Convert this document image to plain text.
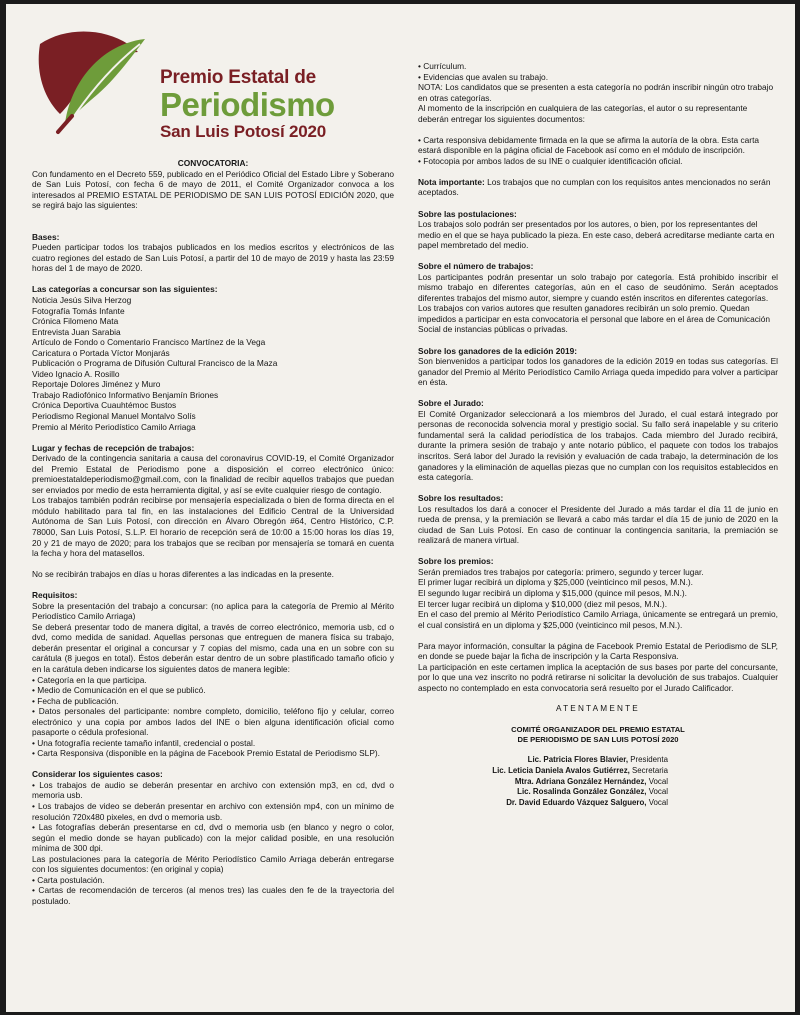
Premio Estatal de
Periodismo
San Luis Potosí 2020

CONVOCATORIA:

Con fundamento en el Decreto 559, publicado en el Periódico Oficial del Estado Libre y Soberano de San Luis Potosí, con fecha 6 de mayo de 2011, el Comité Organizador convoca a los interesados al PREMIO ESTATAL DE PERIODISMO DE SAN LUIS POTOSÍ EDICIÓN 2020, que se regirá bajo las siguientes:

Bases:

Pueden participar todos los trabajos publicados en los medios escritos y electrónicos de las cuatro regiones del estado de San Luis Potosí, a partir del 10 de mayo de 2019 y hasta las 23:59 horas del 1 de mayo de 2020.

Las categorías a concursar son las siguientes:

Noticia Jesús Silva Herzog

Fotografía Tomás Infante

Crónica Filomeno Mata

Entrevista Juan Sarabia

Artículo de Fondo o Comentario Francisco Martínez de la Vega

Caricatura o Portada Víctor Monjarás

Publicación o Programa de Difusión Cultural Francisco de la Maza

Video Ignacio A. Rosillo

Reportaje Dolores Jiménez y Muro

Trabajo Radiofónico Informativo Benjamín Briones

Crónica Deportiva Cuauhtémoc Bustos

Periodismo Regional Manuel Montalvo Solís

Premio al Mérito Periodístico Camilo Arriaga

Lugar y fechas de recepción de trabajos:

Derivado de la contingencia sanitaria a causa del coronavirus COVID-19, el Comité Organizador del Premio Estatal de Periodismo pone a disposición el correo electrónico único: premioestataldeperiodismo@gmail.com, con la finalidad de recibir aquellos trabajos que puedan ser enviados por medio de esta herramienta digital, y así se evite cualquier riesgo de contagio.

Los trabajos también podrán recibirse por mensajería especializada o bien de forma directa en el módulo habilitado para tal fin, en las instalaciones del Edificio Central de la Universidad Autónoma de San Luis Potosí, con dirección en Álvaro Obregón #64, Centro Histórico, C.P. 78000, San Luis Potosí, S.L.P. El horario de recepción será de 10:00 a 15:00 horas los días 19, 20 y 21 de mayo de 2020; para los trabajos que se reciban por mensajería se tomará en cuenta la fecha y hora del matasellos.

No se recibirán trabajos en días u horas diferentes a las indicadas en la presente.

Requisitos:

Sobre la presentación del trabajo a concursar: (no aplica para la categoría de Premio al Mérito Periodístico Camilo Arriaga)

Se deberá presentar todo de manera digital, a través de correo electrónico, memoria usb, cd o dvd, como medida de sanidad. Aquellas personas que entreguen de manera física su trabajo, deberán presentar el original a concursar y 7 copias del mismo, cada una en un sobre con su carátula (8 juegos en total). Éstos deberán estar dentro de un sobre plastificado tamaño oficio y en la carátula deben indicarse los siguientes datos de manera legible:

• Categoría en la que participa.

• Medio de Comunicación en el que se publicó.

• Fecha de publicación.

• Datos personales del participante: nombre completo, domicilio, teléfono fijo y celular, correo electrónico y una copia por ambos lados del INE o bien alguna identificación oficial como pasaporte o cédula profesional.

• Una fotografía reciente tamaño infantil, credencial o postal.

• Carta Responsiva (disponible en la página de Facebook Premio Estatal de Periodismo SLP).

Considerar los siguientes casos:

• Los trabajos de audio se deberán presentar en archivo con extensión mp3, en cd, dvd o memoria usb.

• Los trabajos de video se deberán presentar en archivo con extensión mp4, con un mínimo de resolución 720x480 pixeles, en dvd o memoria usb.

• Las fotografías deberán presentarse en cd, dvd o memoria usb (en blanco y negro o color, según el medio donde se hayan publicado) con la mejor calidad posible, en una resolución mínima de 300 dpi.

Las postulaciones para la categoría de Mérito Periodístico Camilo Arriaga deberán entregarse con los siguientes documentos: (en original y copia)

• Carta postulación.

• Cartas de recomendación de terceros (al menos tres) las cuales den fe de la trayectoria del postulado.

• Currículum.

• Evidencias que avalen su trabajo.

NOTA: Los candidatos que se presenten a esta categoría no podrán inscribir ningún otro trabajo en otras categorías.

Al momento de la inscripción en cualquiera de las categorías, el autor o su representante deberán entregar los siguientes documentos:

• Carta responsiva debidamente firmada en la que se afirma la autoría de la obra. Esta carta estará disponible en la página oficial de Facebook así como en el módulo de inscripción.

• Fotocopia por ambos lados de su INE o cualquier identificación oficial.

Nota importante: Los trabajos que no cumplan con los requisitos antes mencionados no serán aceptados.

Sobre las postulaciones:

Los trabajos solo podrán ser presentados por los autores, o bien, por los representantes del medio en el que se haya publicado la pieza. En este caso, deberá acreditarse mediante carta en papel membretado del medio.

Sobre el número de trabajos:

Los participantes podrán presentar un solo trabajo por categoría. Está prohibido inscribir el mismo trabajo en diferentes categorías, aún en el caso de seudónimo. Serán aceptados diferentes trabajos del mismo autor, siempre y cuando estén inscritos en diferentes categorías.

Los trabajos con varios autores que resulten ganadores recibirán un solo premio. Quedan impedidos a participar en esta convocatoria el personal que labore en el área de Comunicación Social de instancias públicas o privadas.

Sobre los ganadores de la edición 2019:

Son bienvenidos a participar todos los ganadores de la edición 2019 en todas sus categorías. El ganador del Premio al Mérito Periodístico Camilo Arriaga queda impedido para volver a participar en ésta.

Sobre el Jurado:

El Comité Organizador seleccionará a los miembros del Jurado, el cual estará integrado por personas de reconocida solvencia moral y prestigio social. Su fallo será inapelable y su criterio fundamental será la calidad periodística de los trabajos. Cada miembro del Jurado recibirá, durante la primera sesión de trabajo y ante notario público, el paquete con todos los trabajos inscritos. Será labor del Jurado la revisión y evaluación de cada trabajo, la determinación de los ganadores y la eliminación de aquellas piezas que no cumplan con los requisitos establecidos en esta categoría.

Sobre los resultados:

Los resultados los dará a conocer el Presidente del Jurado a más tardar el día 11 de junio en rueda de prensa, y la premiación se llevará a cabo más tardar el día 15 de junio de 2020 en la ciudad de San Luis Potosí. En caso de continuar la contingencia sanitaria, la premiación se realizará de manera virtual.

Sobre los premios:

Serán premiados tres trabajos por categoría: primero, segundo y tercer lugar.

El primer lugar recibirá un diploma y $25,000 (veinticinco mil pesos, M.N.).

El segundo lugar recibirá un diploma y $15,000 (quince mil pesos, M.N.).

El tercer lugar recibirá un diploma y $10,000 (diez mil pesos, M.N.).

En el caso del premio al Mérito Periodístico Camilo Arriaga, únicamente se entregará un premio, el cual consistirá en un diploma y $25,000 (veinticinco mil pesos, M.N.).

Para mayor información, consultar la página de Facebook Premio Estatal de Periodismo de SLP, en donde se puede bajar la ficha de inscripción y la Carta Responsiva.

La participación en este certamen implica la aceptación de sus bases por parte del concursante, por lo que una vez inscrito no podrá retirarse ni solicitar la devolución de sus trabajos. Cualquier aspecto no contemplado en esta convocatoria será resuelto por el Jurado Calificador.

ATENTAMENTE

COMITÉ ORGANIZADOR DEL PREMIO ESTATAL

DE PERIODISMO DE SAN LUIS POTOSÍ 2020

Lic. Patricia Flores Blavier, Presidenta

Lic. Leticia Daniela Avalos Gutiérrez, Secretaria

Mtra. Adriana González Hernández, Vocal

Lic. Rosalinda González González, Vocal

Dr. David Eduardo Vázquez Salguero, Vocal
